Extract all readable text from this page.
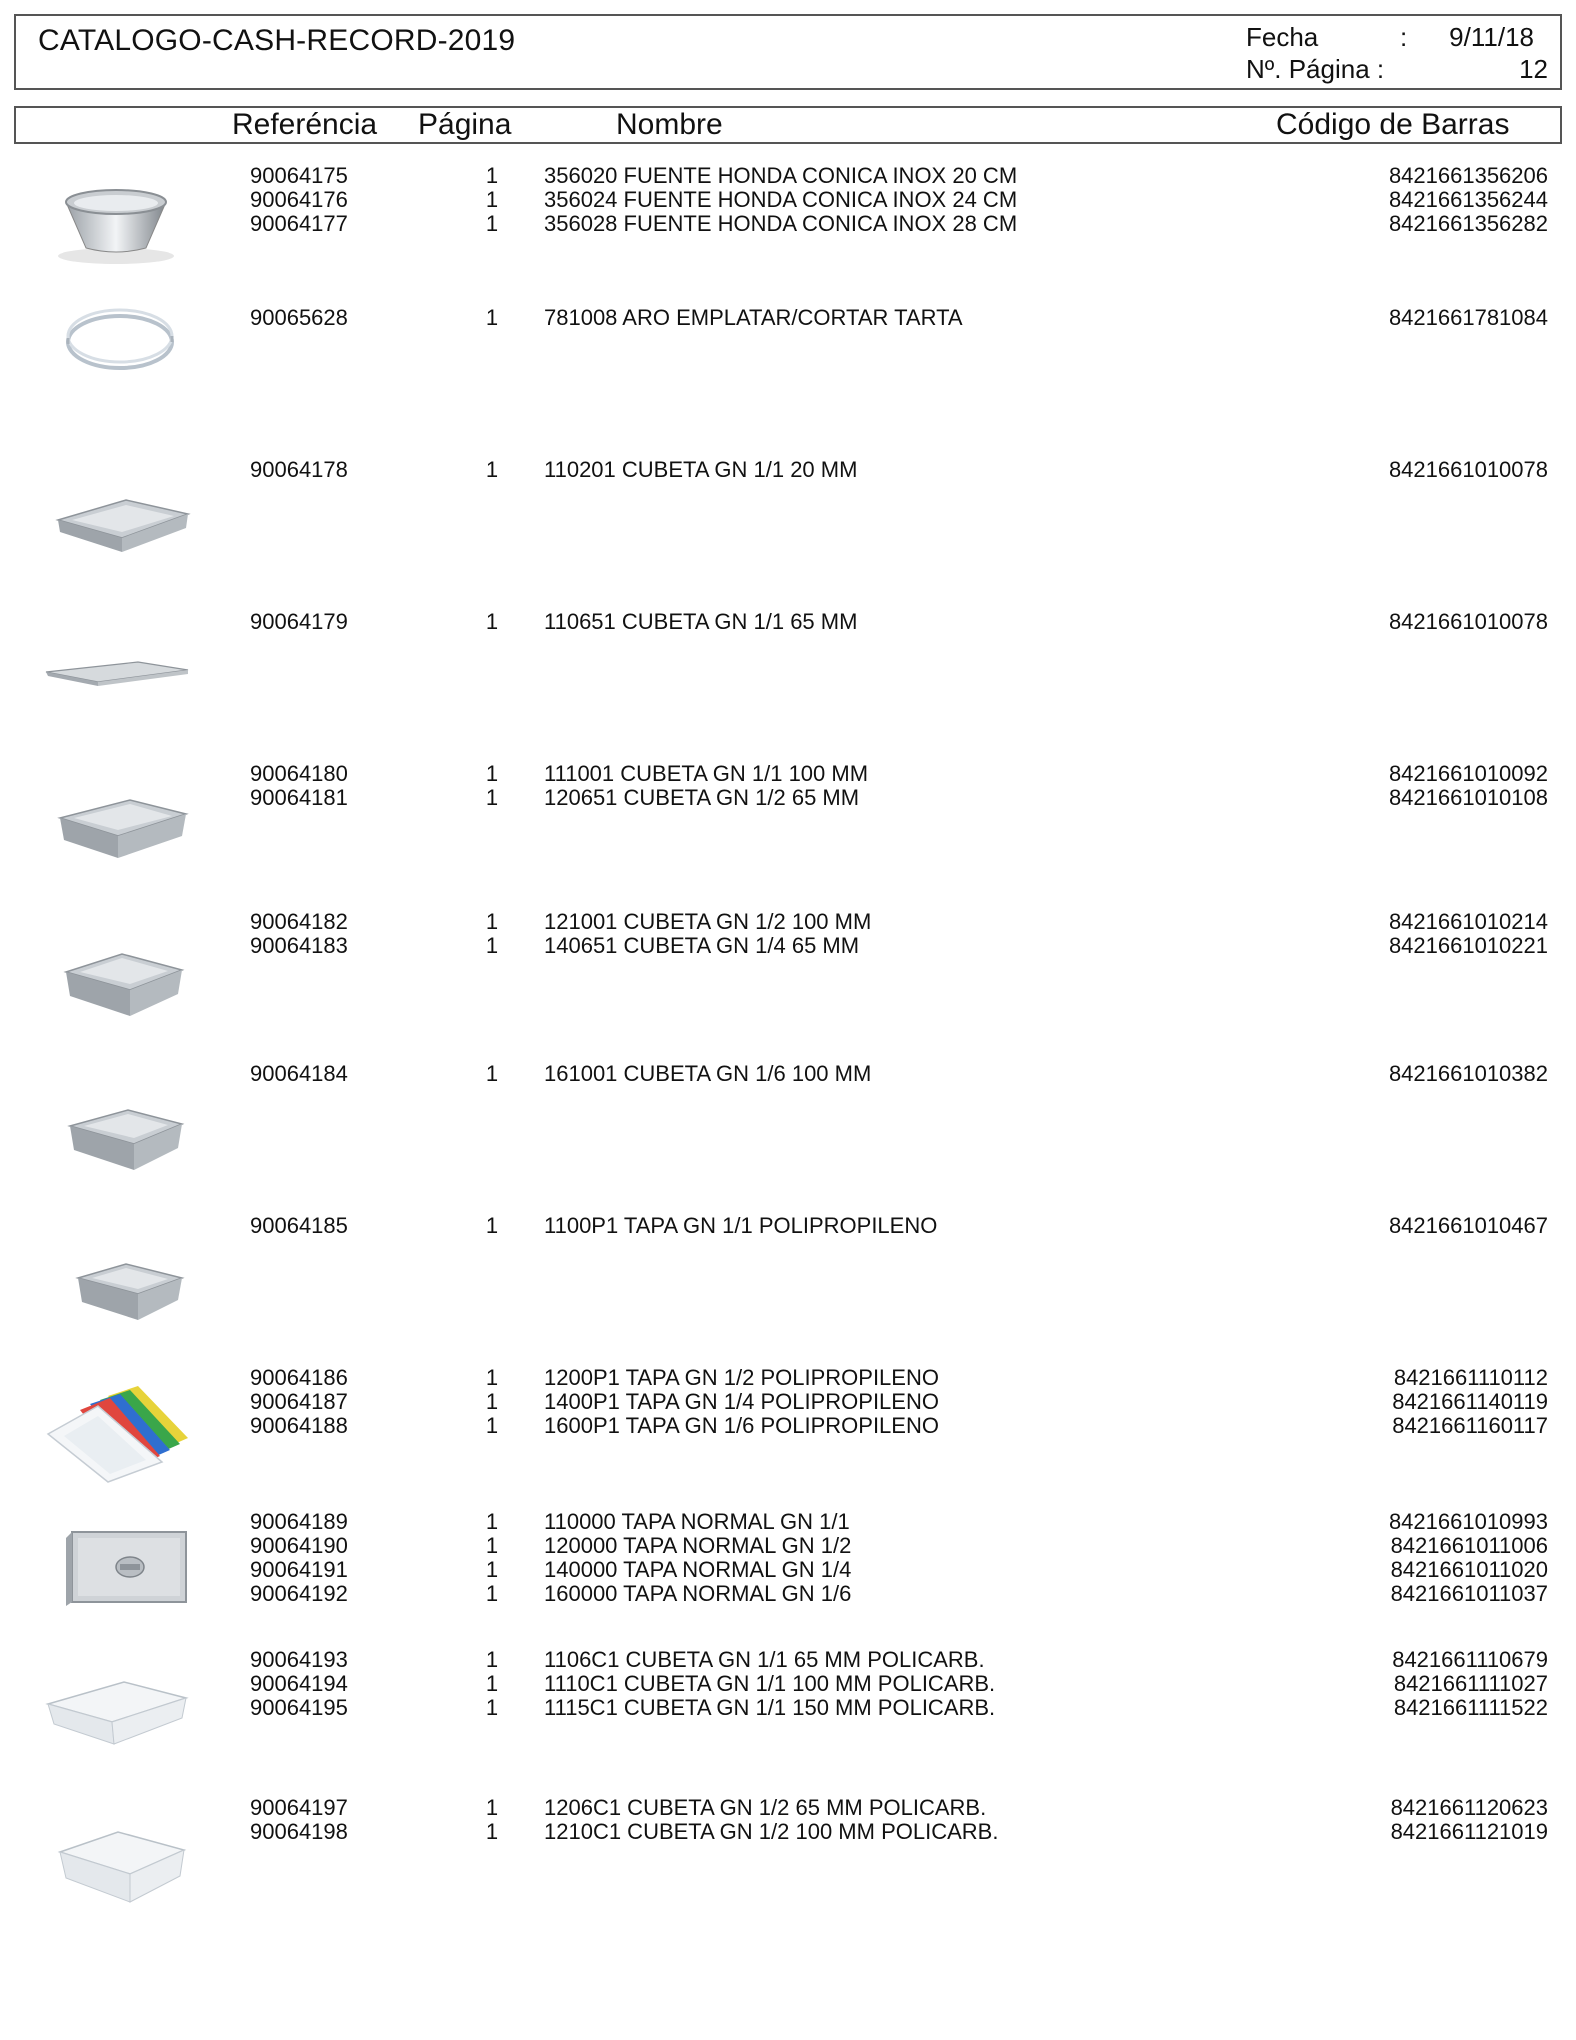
CATALOGO-CASH-RECORD-2019	Fecha	:	9/11/18
Nº. Página :	12
Referéncia Página	Nombre	Código de Barras
90064175	1 356020 FUENTE HONDA CONICA INOX 20 CM	8421661356206
90064176	1 356024 FUENTE HONDA CONICA INOX 24 CM	8421661356244
90064177	1 356028 FUENTE HONDA CONICA INOX 28 CM	8421661356282
90065628	1 781008 ARO EMPLATAR/CORTAR TARTA	8421661781084
90064178	1 110201 CUBETA GN 1/1 20 MM	8421661010078
90064179	1 110651 CUBETA GN 1/1 65 MM	8421661010078
90064180	1 111001 CUBETA GN 1/1 100 MM	8421661010092
90064181	1 120651 CUBETA GN 1/2 65 MM	8421661010108
90064182	1 121001 CUBETA GN 1/2 100 MM	8421661010214
90064183	1 140651 CUBETA GN 1/4 65 MM	8421661010221
90064184	1 161001 CUBETA GN 1/6 100 MM	8421661010382
90064185	1 1100P1 TAPA GN 1/1 POLIPROPILENO	8421661010467
90064186	1 1200P1 TAPA GN 1/2 POLIPROPILENO	8421661110112
90064187	1 1400P1 TAPA GN 1/4 POLIPROPILENO	8421661140119
90064188	1 1600P1 TAPA GN 1/6 POLIPROPILENO	8421661160117
90064189	1 110000 TAPA NORMAL GN 1/1	8421661010993
90064190	1 120000 TAPA NORMAL GN 1/2	8421661011006
90064191	1 140000 TAPA NORMAL GN 1/4	8421661011020
90064192	1 160000 TAPA NORMAL GN 1/6	8421661011037
90064193	1 1106C1 CUBETA GN 1/1 65 MM POLICARB.	8421661110679
90064194	1 1110C1 CUBETA GN 1/1 100 MM POLICARB.	8421661111027
90064195	1 1115C1 CUBETA GN 1/1 150 MM POLICARB.	8421661111522
90064197	1 1206C1 CUBETA GN 1/2 65 MM POLICARB.	8421661120623
90064198	1 1210C1 CUBETA GN 1/2 100 MM POLICARB.	8421661121019
